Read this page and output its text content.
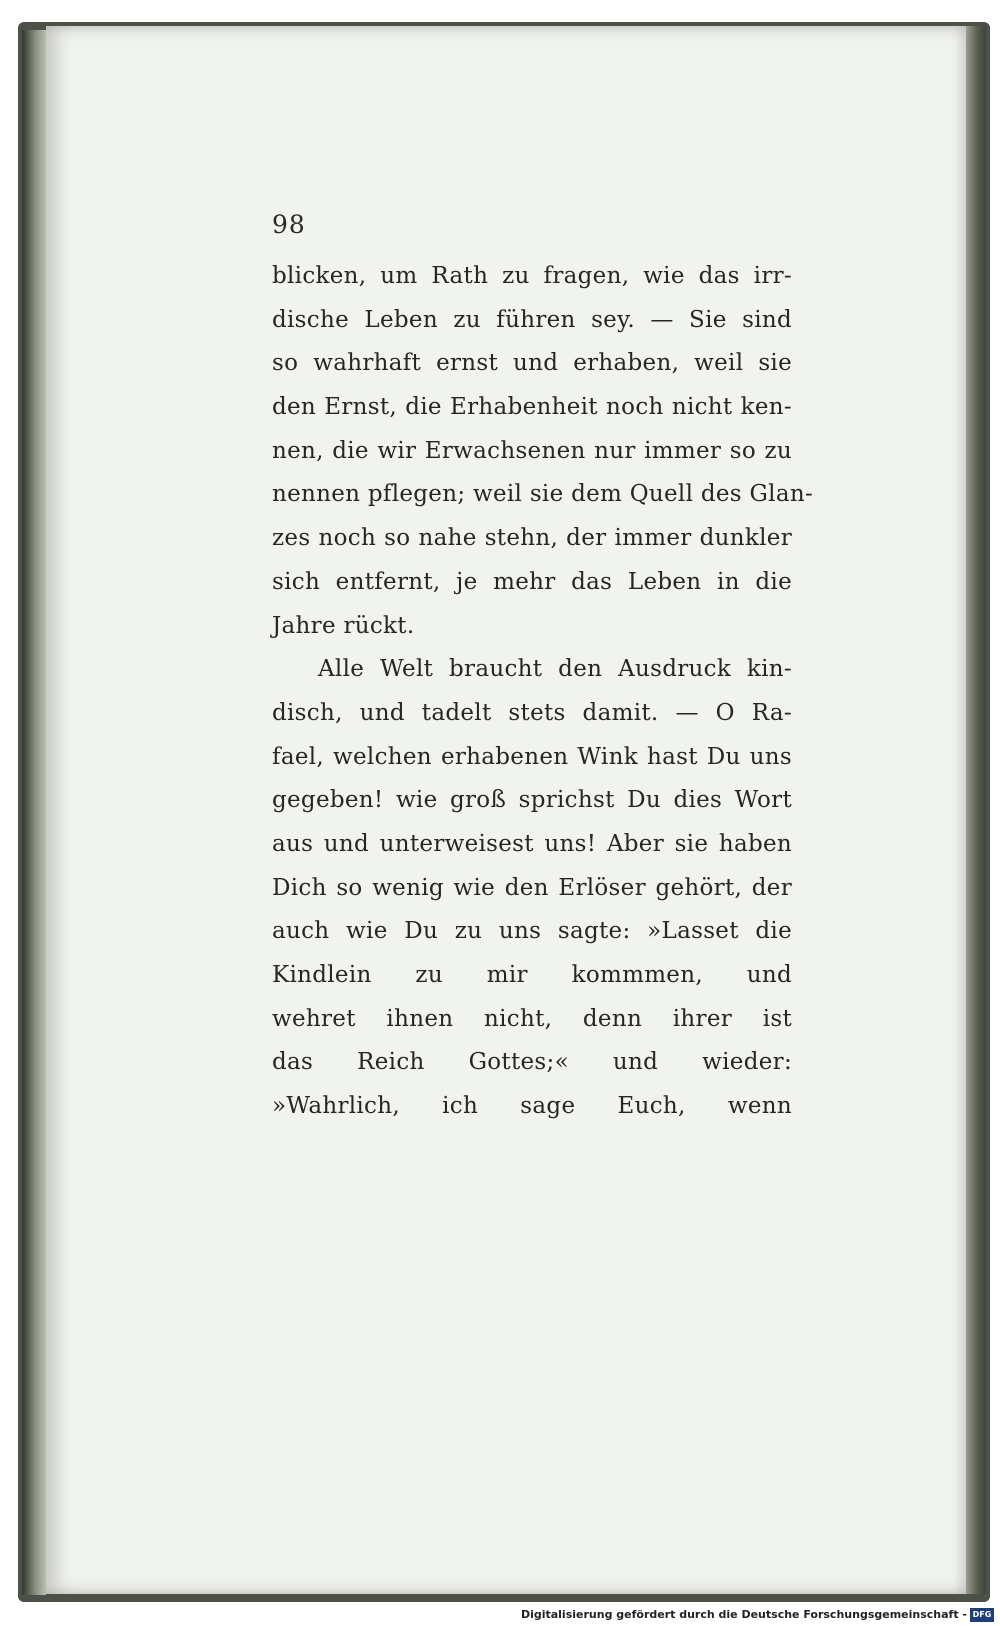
98
blicken, um Rath zu fragen, wie das irr-
dische Leben zu führen sey. — Sie sind
so wahrhaft ernst und erhaben, weil sie
den Ernst, die Erhabenheit noch nicht ken-
nen, die wir Erwachsenen nur immer so zu
nennen pflegen; weil sie dem Quell des Glan-
zes noch so nahe stehn, der immer dunkler
sich entfernt, je mehr das Leben in die
Jahre rückt.
Alle Welt braucht den Ausdruck kin-
disch, und tadelt stets damit. — O Ra-
fael, welchen erhabenen Wink hast Du uns
gegeben! wie groß sprichst Du dies Wort
aus und unterweisest uns! Aber sie haben
Dich so wenig wie den Erlöser gehört, der
auch wie Du zu uns sagte: »Lasset die
Kindlein zu mir kommmen, und
wehret ihnen nicht, denn ihrer ist
das Reich Gottes;« und wieder:
»Wahrlich, ich sage Euch, wenn
Digitalisierung gefördert durch die Deutsche Forschungsgemeinschaft - DFG
